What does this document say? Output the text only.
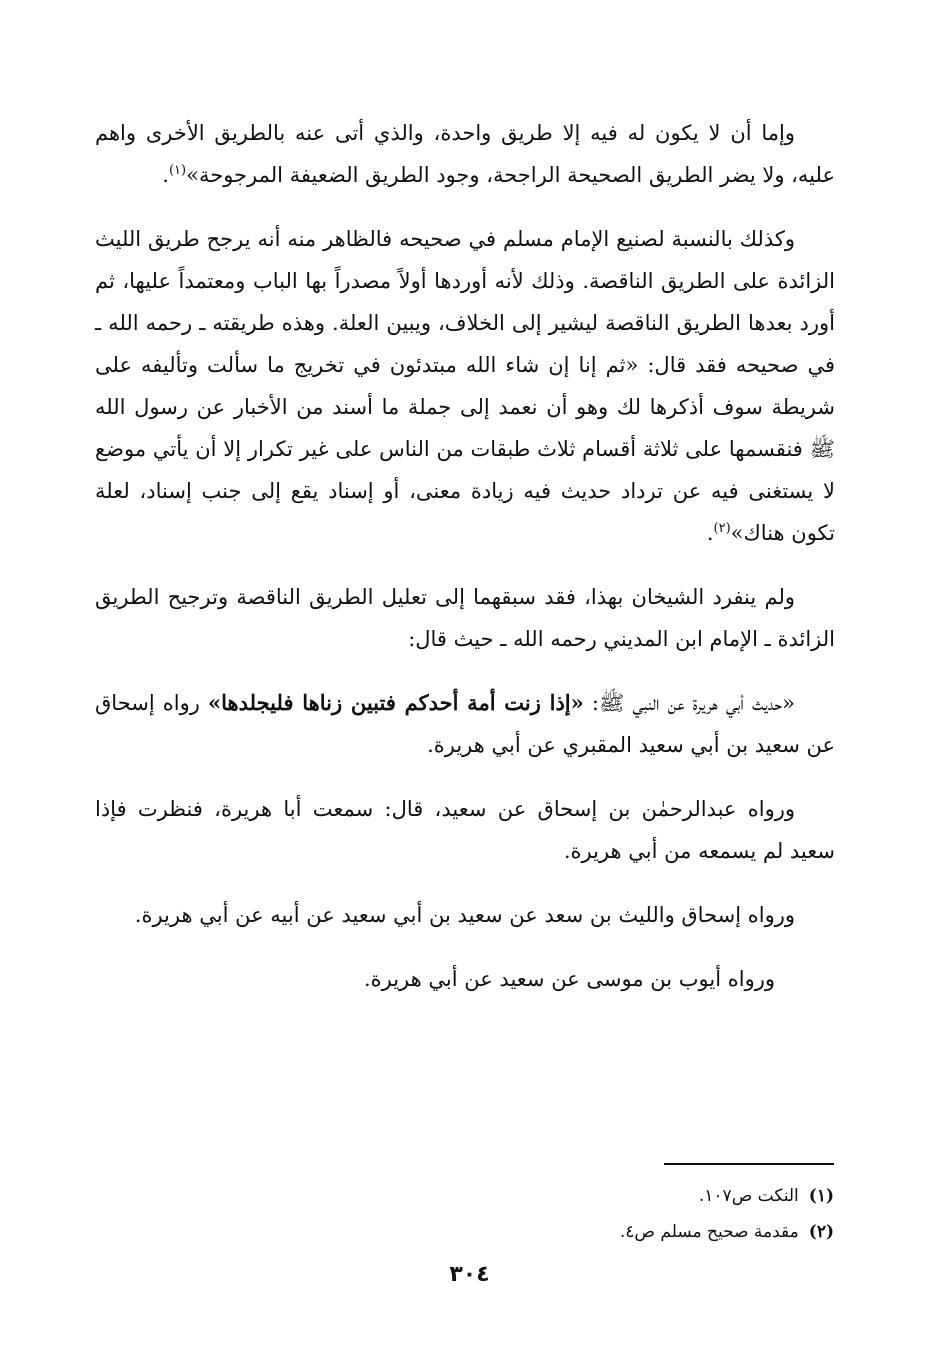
وإما أن لا يكون له فيه إلا طريق واحدة، والذي أتى عنه بالطريق الأخرى واهم عليه، ولا يضر الطريق الصحيحة الراجحة، وجود الطريق الضعيفة المرجوحة»$^{(١)}$.

وكذلك بالنسبة لصنيع الإمام مسلم في صحيحه فالظاهر منه أنه يرجح طريق الليث الزائدة على الطريق الناقصة. وذلك لأنه أوردها أولاً مصدراً بها الباب ومعتمداً عليها، ثم أورد بعدها الطريق الناقصة ليشير إلى الخلاف، ويبين العلة. وهذه طريقته ـ رحمه الله ـ في صحيحه فقد قال: «ثم إنا إن شاء الله مبتدئون في تخريج ما سألت وتأليفه على شريطة سوف أذكرها لك وهو أن نعمد إلى جملة ما أسند من الأخبار عن رسول الله ﷺ فنقسمها على ثلاثة أقسام ثلاث طبقات من الناس على غير تكرار إلا أن يأتي موضع لا يستغنى فيه عن ترداد حديث فيه زيادة معنى، أو إسناد يقع إلى جنب إسناد، لعلة تكون هناك»$^{(٢)}$.

ولم ينفرد الشيخان بهذا، فقد سبقهما إلى تعليل الطريق الناقصة وترجيح الطريق الزائدة ـ الإمام ابن المديني رحمه الله ـ حيث قال:

«حديث أبي هريرة عن النبي ﷺ: «إذا زنت أمة أحدكم فتبين زناها فليجلدها» رواه إسحاق عن سعيد بن أبي سعيد المقبري عن أبي هريرة.

ورواه عبدالرحمٰن بن إسحاق عن سعيد، قال: سمعت أبا هريرة، فنظرت فإذا سعيد لم يسمعه من أبي هريرة.

ورواه إسحاق والليث بن سعد عن سعيد بن أبي سعيد عن أبيه عن أبي هريرة.

ورواه أيوب بن موسى عن سعيد عن أبي هريرة.

(١)النكت ص١٠٧.

(٢)مقدمة صحيح مسلم ص٤.

٣٠٤
